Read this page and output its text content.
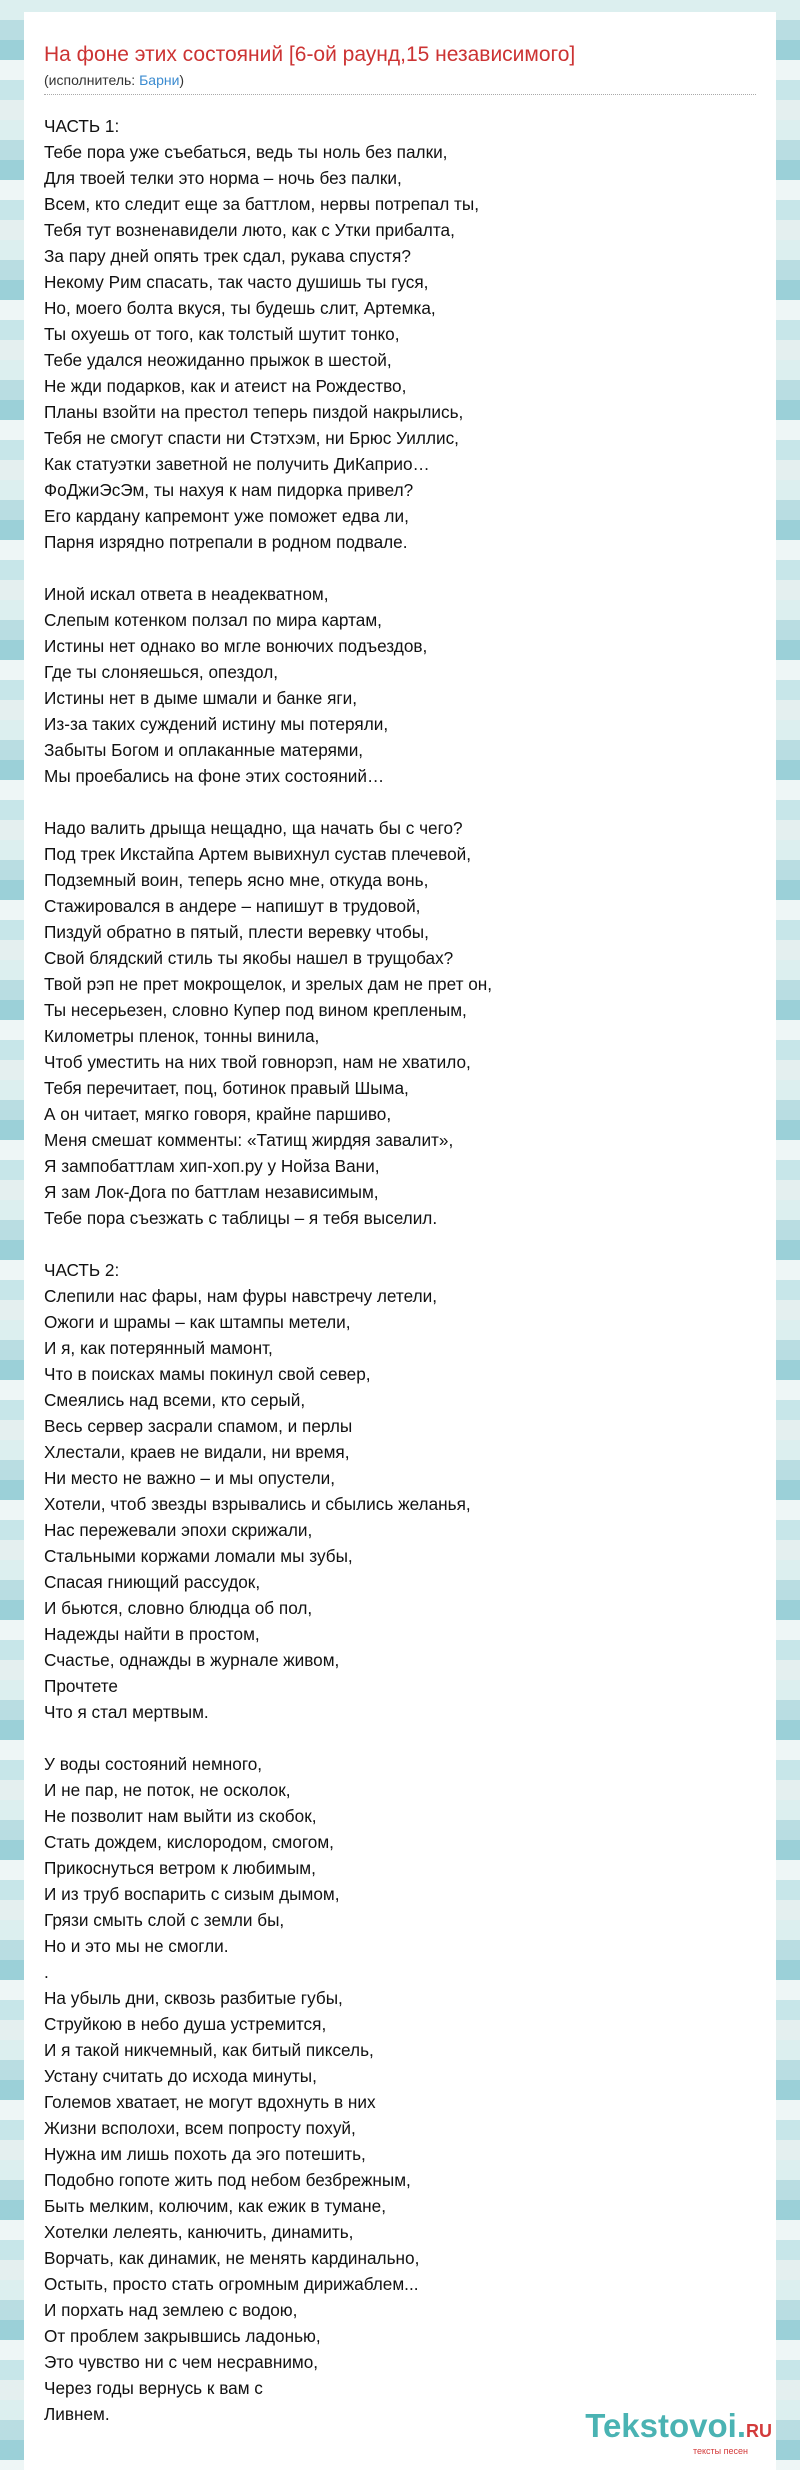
На фоне этих состояний [6-ой раунд,15 независимого]
(исполнитель: Барни)
ЧАСТЬ 1:
Тебе пора уже съебаться, ведь ты ноль без палки,
Для твоей телки это норма – ночь без палки,
Всем, кто следит еще за баттлом, нервы потрепал ты,
Тебя тут возненавидели люто, как с Утки прибалта,
За пару дней опять трек сдал, рукава спустя?
Некому Рим спасать, так часто душишь ты гуся,
Но, моего болта вкуся, ты будешь слит, Артемка,
Ты охуешь от того, как толстый шутит тонко,
Тебе удался неожиданно прыжок в шестой,
Не жди подарков, как и атеист на Рождество,
Планы взойти на престол теперь пиздой накрылись,
Тебя не смогут спасти ни Стэтхэм, ни Брюс Уиллис,
Как статуэтки заветной не получить ДиКаприо…
ФоДжиЭсЭм, ты нахуя к нам пидорка привел?
Его кардану капремонт уже поможет едва ли,
Парня изрядно потрепали в родном подвале.
Иной искал ответа в неадекватном,
Слепым котенком ползал по мира картам,
Истины нет однако во мгле вонючих подъездов,
Где ты слоняешься, опездол,
Истины нет в дыме шмали и банке яги,
Из-за таких суждений истину мы потеряли,
Забыты Богом и оплаканные матерями,
Мы проебались на фоне этих состояний…
Надо валить дрыща нещадно, ща начать бы с чего?
Под трек Икстайпа Артем вывихнул сустав плечевой,
Подземный воин, теперь ясно мне, откуда вонь,
Стажировался в андере – напишут в трудовой,
Пиздуй обратно в пятый, плести веревку чтобы,
Свой блядский стиль ты якобы нашел в трущобах?
Твой рэп не прет мокрощелок, и зрелых дам не прет он,
Ты несерьезен, словно Купер под вином крепленым,
Километры пленок, тонны винила,
Чтоб уместить на них твой говнорэп, нам не хватило,
Тебя перечитает, поц, ботинок правый Шыма,
А он читает, мягко говоря, крайне паршиво,
Меня смешат комменты: «Татищ жирдяя завалит»,
Я зампобаттлам хип-хоп.ру у Нойза Вани,
Я зам Лок-Дога по баттлам независимым,
Тебе пора съезжать с таблицы – я тебя выселил.
ЧАСТЬ 2:
Слепили нас фары, нам фуры навстречу летели,
Ожоги и шрамы – как штампы метели,
И я, как потерянный мамонт,
Что в поисках мамы покинул свой север,
Смеялись над всеми, кто серый,
Весь сервер засрали спамом, и перлы
Хлестали, краев не видали, ни время,
Ни место не важно – и мы опустели,
Хотели, чтоб звезды взрывались и сбылись желанья,
Нас пережевали эпохи скрижали,
Стальными коржами ломали мы зубы,
Спасая гниющий рассудок,
И бьются, словно блюдца об пол,
Надежды найти в простом,
Счастье, однажды в журнале живом,
Прочтете
Что я стал мертвым.
У воды состояний немного,
И не пар, не поток, не осколок,
Не позволит нам выйти из скобок,
Стать дождем, кислородом, смогом,
Прикоснуться ветром к любимым,
И из труб воспарить с сизым дымом,
Грязи смыть слой с земли бы,
Но и это мы не смогли.
.
На убыль дни, сквозь разбитые губы,
Струйкою в небо душа устремится,
И я такой никчемный, как битый пиксель,
Устану считать до исхода минуты,
Големов хватает, не могут вдохнуть в них
Жизни всполохи, всем попросту похуй,
Нужна им лишь похоть да эго потешить,
Подобно гопоте жить под небом безбрежным,
Быть мелким, колючим, как ежик в тумане,
Хотелки лелеять, канючить, динамить,
Ворчать, как динамик, не менять кардинально,
Остыть, просто стать огромным дирижаблем...
И порхать над землею с водою,
От проблем закрывшись ладонью,
Это чувство ни с чем несравнимо,
Через годы вернусь к вам с
Ливнем.	Tekstovoi.RU
тексты песен
